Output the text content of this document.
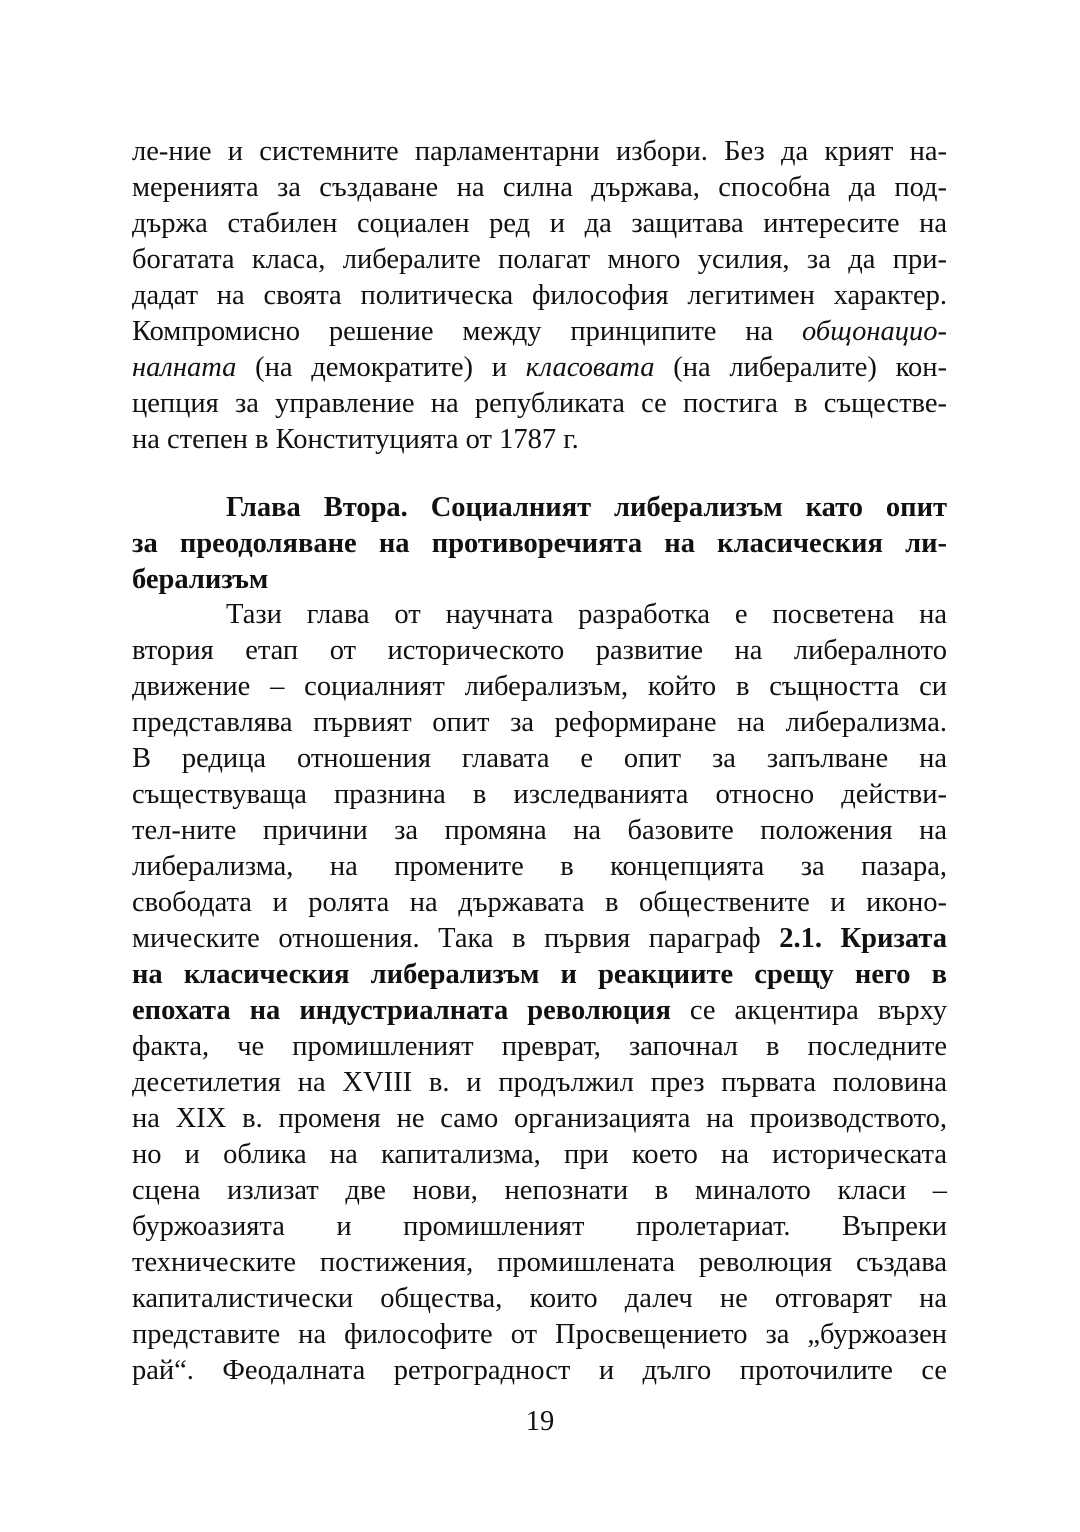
ле-ние и системните парламентарни избори. Без да крият на-
меренията за създаване на силна държава, способна да под-
държа стабилен социален ред и да защитава интересите на
богатата класа, либералите полагат много усилия, за да при-
дадат на своята политическа философия легитимен характер.
Компромисно решение между принципите на общонацио-
налната (на демократите) и класовата (на либералите) кон-
цепция за управление на републиката се постига в съществе-
на степен в Конституцията от 1787 г.
Глава Втора. Социалният либерализъм като опит
за преодоляване на противоречията на класическия ли-
берализъм
Тази глава от научната разработка е посветена на
втория етап от историческото развитие на либералното
движение – социалният либерализъм, който в същността си
представлява първият опит за реформиране на либерализма.
В редица отношения главата е опит за запълване на
съществуваща празнина в изследванията относно действи-
тел-ните причини за промяна на базовите положения на
либерализма, на промените в концепцията за пазара,
свободата и ролята на държавата в обществените и иконо-
мическите отношения. Така в първия параграф 2.1. Кризата
на класическия либерализъм и реакциите срещу него в
епохата на индустриалната революция се акцентира върху
факта, че промишленият преврат, започнал в последните
десетилетия на XVIII в. и продължил през първата половина
на XIX в. променя не само организацията на производството,
но и облика на капитализма, при което на историческата
сцена излизат две нови, непознати в миналото класи –
буржоазията и промишленият пролетариат. Въпреки
техническите постижения, промишлената революция създава
капиталистически общества, които далеч не отговарят на
представите на философите от Просвещението за „буржоазен
рай“. Феодалната ретроградност и дълго проточилите се
19
